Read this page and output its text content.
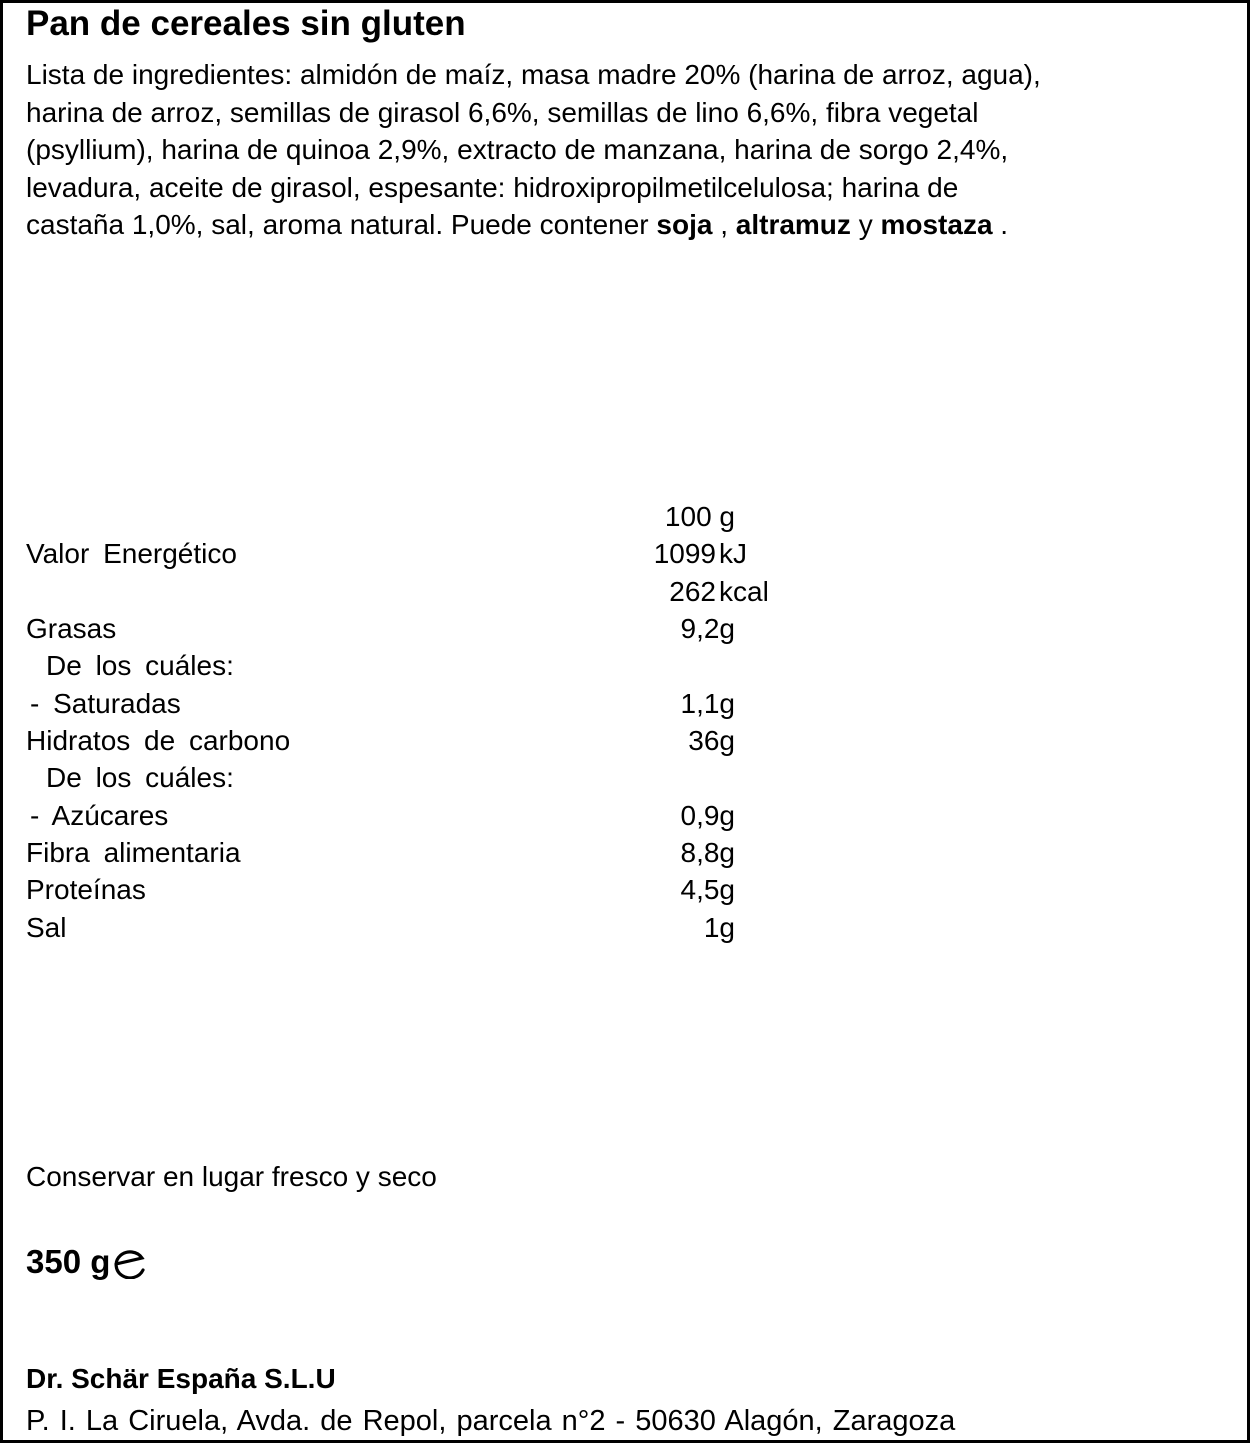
Pan de cereales sin gluten
Lista de ingredientes: almidón de maíz, masa madre 20% (harina de arroz, agua),
harina de arroz, semillas de girasol 6,6%, semillas de lino 6,6%, fibra vegetal
(psyllium), harina de quinoa 2,9%, extracto de manzana, harina de sorgo 2,4%,
levadura, aceite de girasol, espesante: hidroxipropilmetilcelulosa; harina de
castaña 1,0%, sal, aroma natural. Puede contener soja , altramuz y mostaza .
100 g
Valor Energético	1099 kJ
262 kcal
Grasas	9,2g
De los cuáles:
- Saturadas	1,1g
Hidratos de carbono	36g
De los cuáles:
- Azúcares	0,9g
Fibra alimentaria	8,8g
Proteínas	4,5g
Sal	1g
Conservar en lugar fresco y seco
350 g
Dr. Schär España S.L.U
P. I. La Ciruela, Avda. de Repol, parcela n°2 - 50630 Alagón, Zaragoza
